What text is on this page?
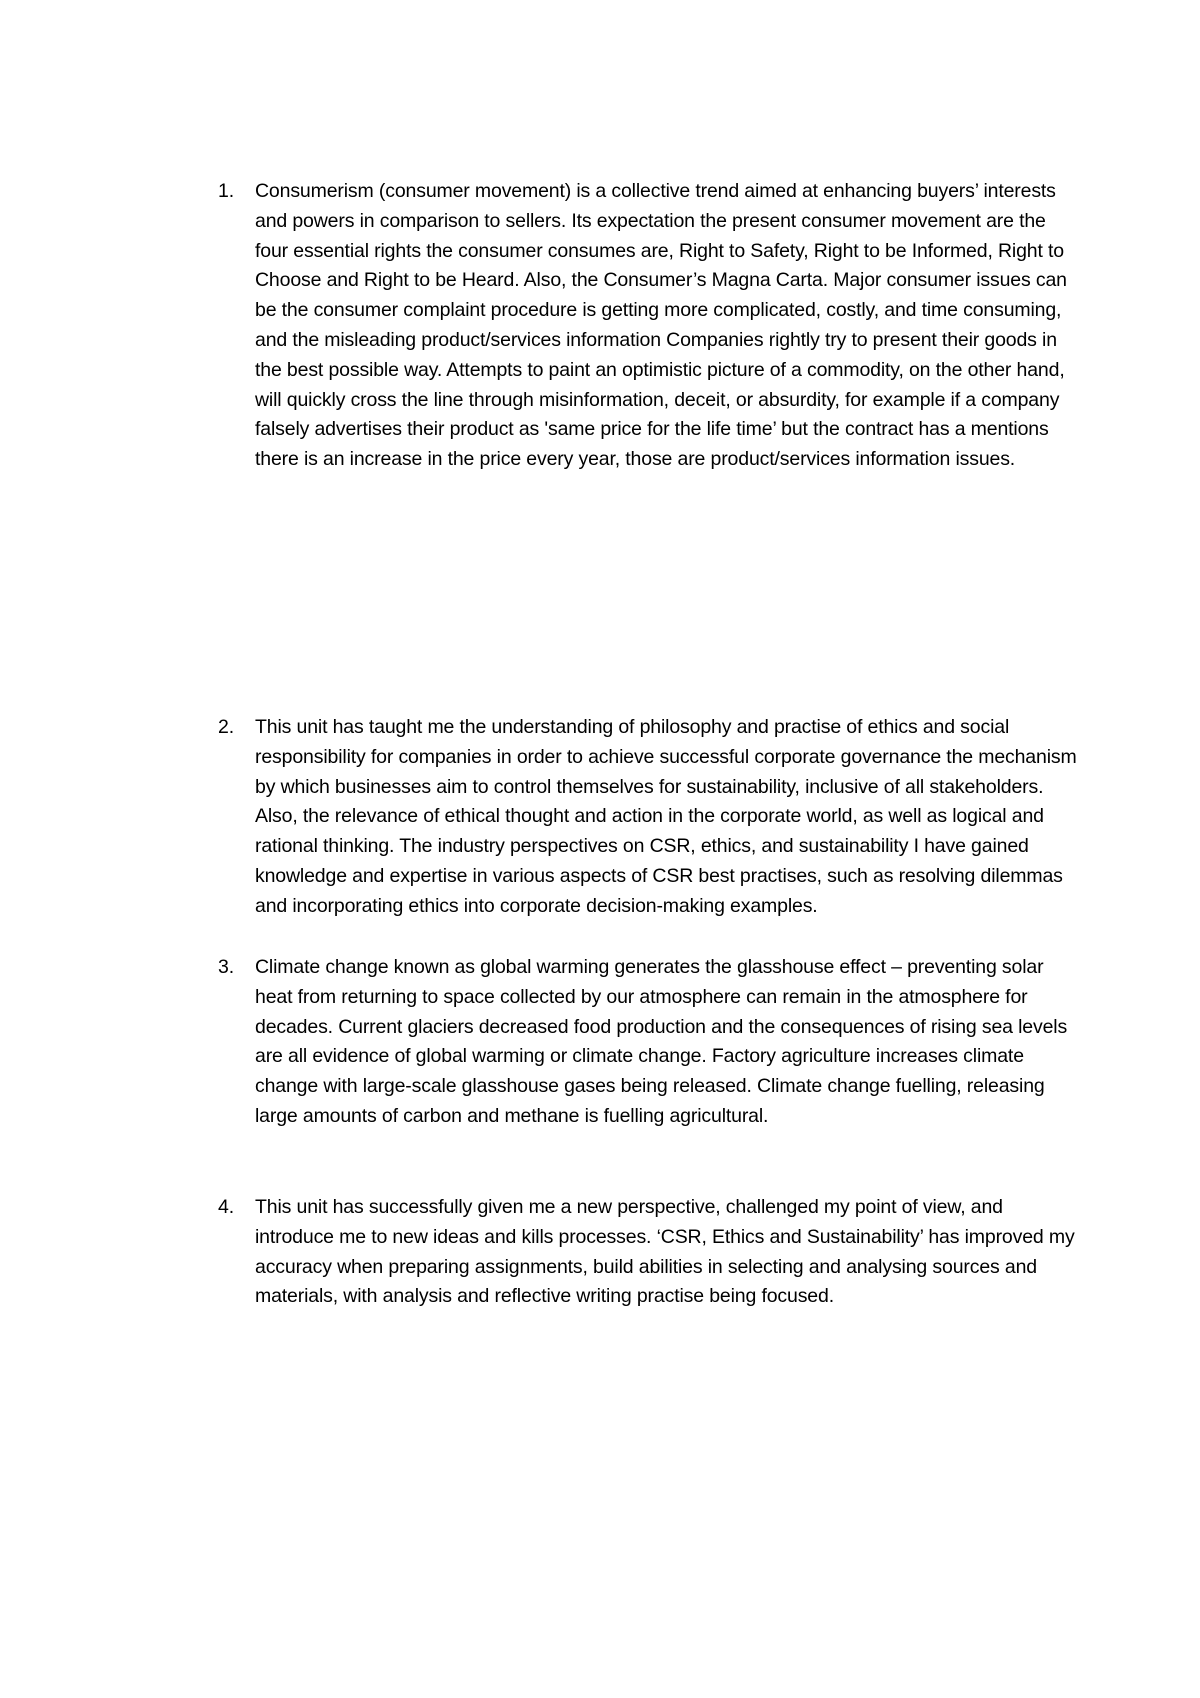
1.	Consumerism (consumer movement) is a collective trend aimed at enhancing buyers’ interests and powers in comparison to sellers. Its expectation the present consumer movement are the four essential rights the consumer consumes are, Right to Safety, Right to be Informed, Right to Choose and Right to be Heard. Also, the Consumer’s Magna Carta. Major consumer issues can be the consumer complaint procedure is getting more complicated, costly, and time consuming, and the misleading product/services information Companies rightly try to present their goods in the best possible way. Attempts to paint an optimistic picture of a commodity, on the other hand, will quickly cross the line through misinformation, deceit, or absurdity, for example if a company falsely advertises their product as 'same price for the life time’ but the contract has a mentions there is an increase in the price every year, those are product/services information issues.
2.	This unit has taught me the understanding of philosophy and practise of ethics and social responsibility for companies in order to achieve successful corporate governance the mechanism by which businesses aim to control themselves for sustainability, inclusive of all stakeholders. Also, the relevance of ethical thought and action in the corporate world, as well as logical and rational thinking. The industry perspectives on CSR, ethics, and sustainability I have gained knowledge and expertise in various aspects of CSR best practises, such as resolving dilemmas and incorporating ethics into corporate decision-making examples.
3.	Climate change known as global warming generates the glasshouse effect – preventing solar heat from returning to space collected by our atmosphere can remain in the atmosphere for decades. Current glaciers decreased food production and the consequences of rising sea levels are all evidence of global warming or climate change. Factory agriculture increases climate change with large-scale glasshouse gases being released. Climate change fuelling, releasing large amounts of carbon and methane is fuelling agricultural.
4.	This unit has successfully given me a new perspective, challenged my point of view, and introduce me to new ideas and kills processes. ‘CSR, Ethics and Sustainability’ has improved my accuracy when preparing assignments, build abilities in selecting and analysing sources and materials, with analysis and reflective writing practise being focused.
